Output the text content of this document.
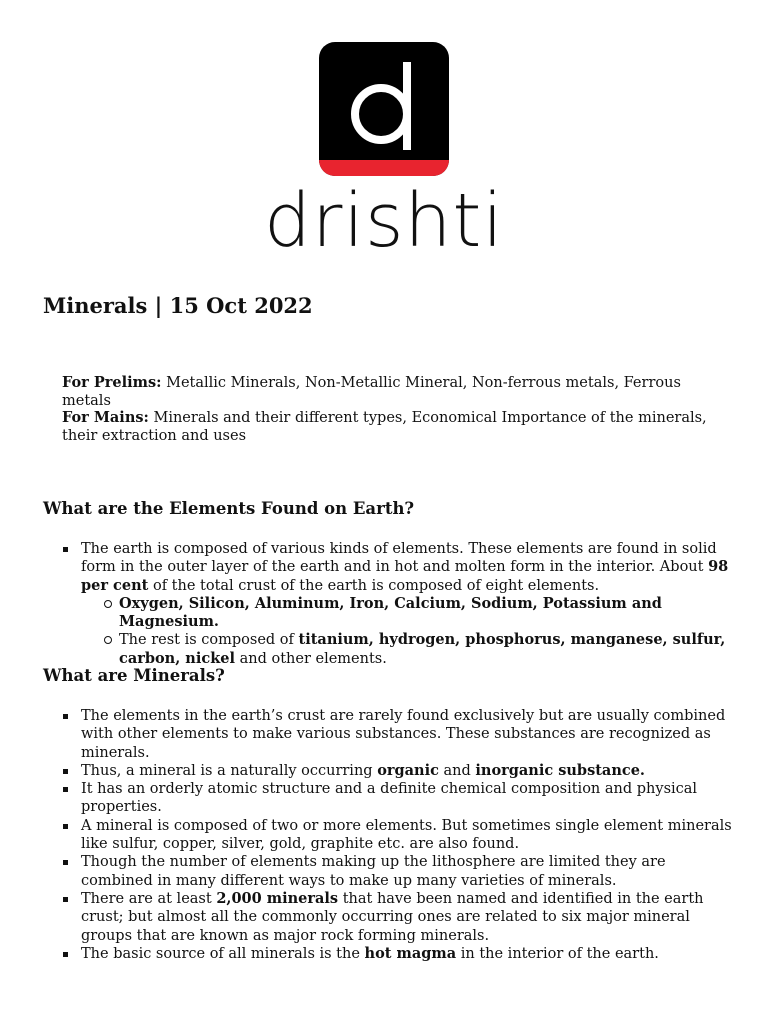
drishti
Minerals | 15 Oct 2022
For Prelims: Metallic Minerals, Non-Metallic Mineral, Non-ferrous metals, Ferrous metals
For Mains: Minerals and their different types, Economical Importance of the minerals, their extraction and uses
What are the Elements Found on Earth?
The earth is composed of various kinds of elements. These elements are found in solid form in the outer layer of the earth and in hot and molten form in the interior. About 98 per cent of the total crust of the earth is composed of eight elements.
Oxygen, Silicon, Aluminum, Iron, Calcium, Sodium, Potassium and Magnesium.
The rest is composed of titanium, hydrogen, phosphorus, manganese, sulfur, carbon, nickel and other elements.
What are Minerals?
The elements in the earth’s crust are rarely found exclusively but are usually combined with other elements to make various substances. These substances are recognized as minerals.
Thus, a mineral is a naturally occurring organic and inorganic substance.
It has an orderly atomic structure and a definite chemical composition and physical properties.
A mineral is composed of two or more elements. But sometimes single element minerals like sulfur, copper, silver, gold, graphite etc. are also found.
Though the number of elements making up the lithosphere are limited they are combined in many different ways to make up many varieties of minerals.
There are at least 2,000 minerals that have been named and identified in the earth crust; but almost all the commonly occurring ones are related to six major mineral groups that are known as major rock forming minerals.
The basic source of all minerals is the hot magma in the interior of the earth.
